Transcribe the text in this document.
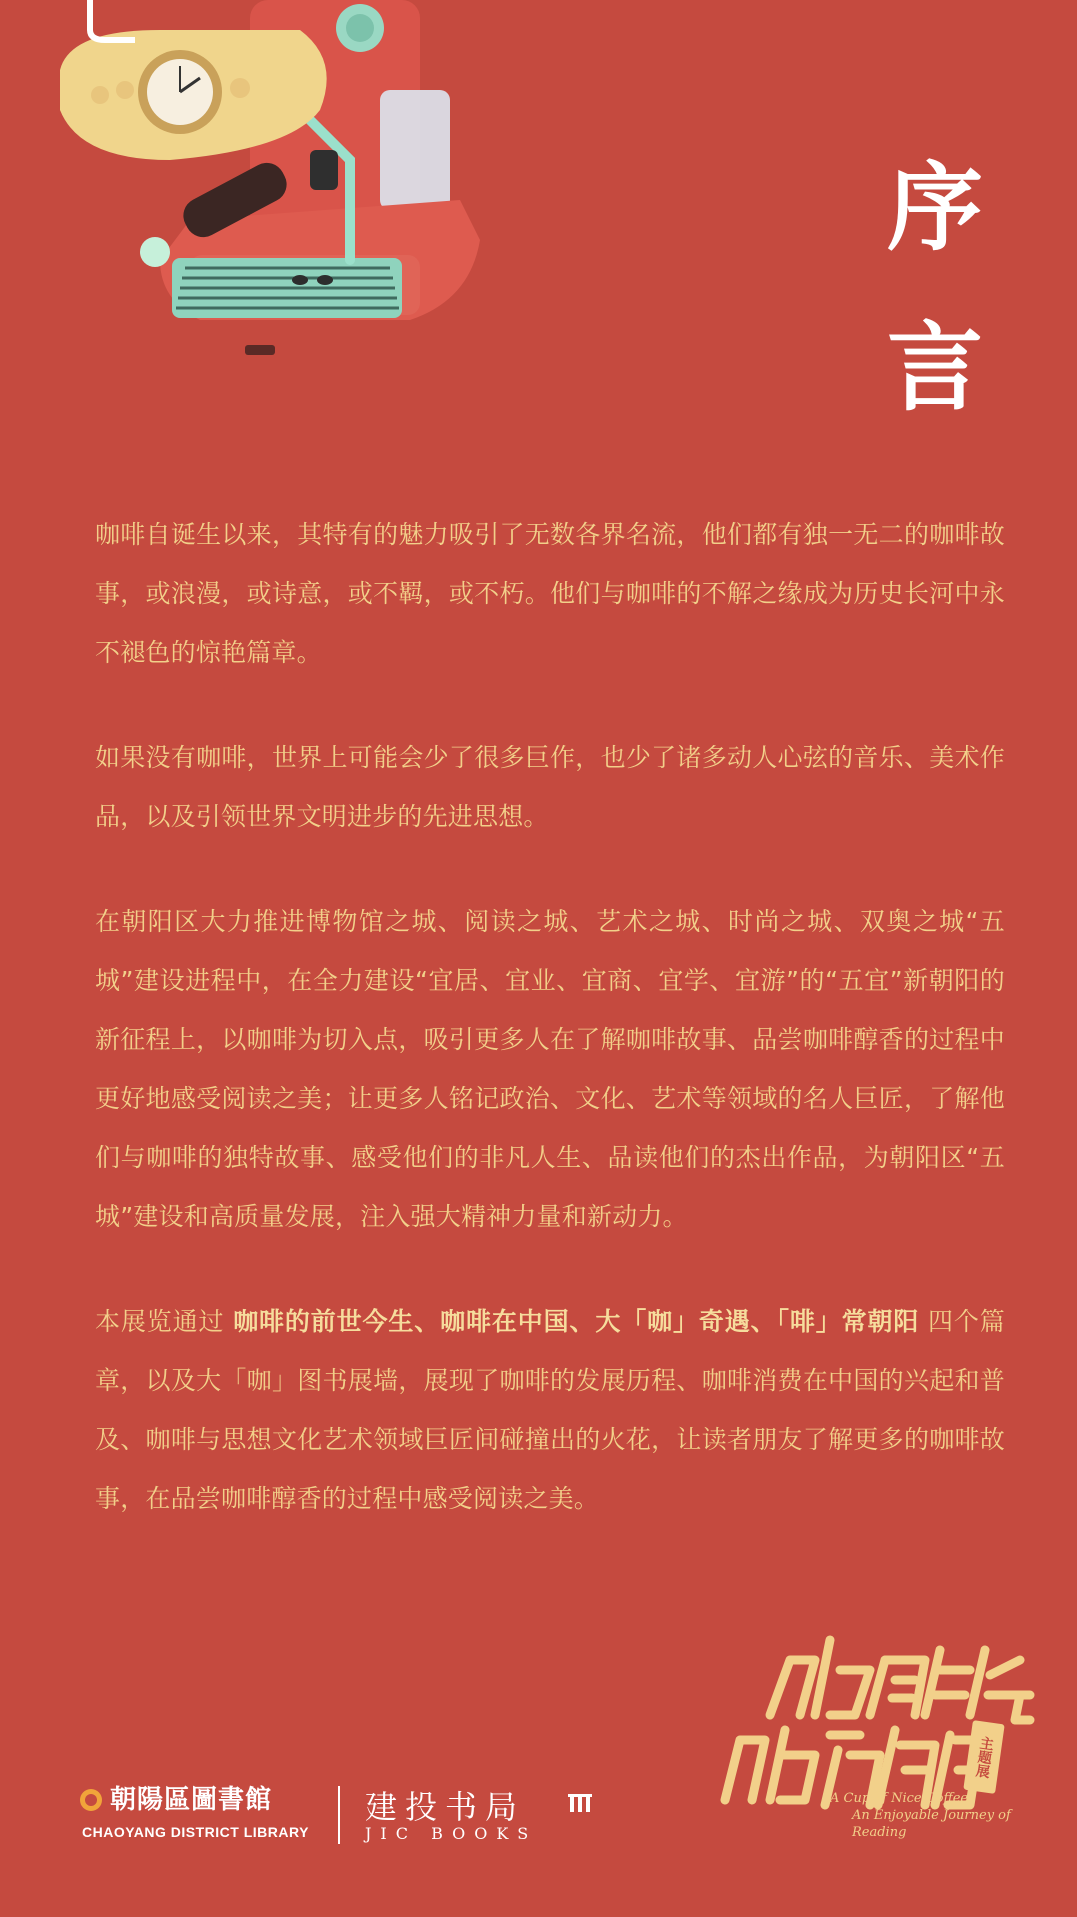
序
言

咖啡自诞生以来，其特有的魅力吸引了无数各界名流，他们都有独一无二的咖啡故事，或浪漫，或诗意，或不羁，或不朽。他们与咖啡的不解之缘成为历史长河中永不褪色的惊艳篇章。

如果没有咖啡，世界上可能会少了很多巨作，也少了诸多动人心弦的音乐、美术作品，以及引领世界文明进步的先进思想。

在朝阳区大力推进博物馆之城、阅读之城、艺术之城、时尚之城、双奥之城“五城”建设进程中，在全力建设“宜居、宜业、宜商、宜学、宜游”的“五宜”新朝阳的新征程上，以咖啡为切入点，吸引更多人在了解咖啡故事、品尝咖啡醇香的过程中更好地感受阅读之美；让更多人铭记政治、文化、艺术等领域的名人巨匠，了解他们与咖啡的独特故事、感受他们的非凡人生、品读他们的杰出作品，为朝阳区“五城”建设和高质量发展，注入强大精神力量和新动力。

本展览通过 咖啡的前世今生、咖啡在中国、大「咖」奇遇、「啡」常朝阳 四个篇章，以及大「咖」图书展墙，展现了咖啡的发展历程、咖啡消费在中国的兴起和普及、咖啡与思想文化艺术领域巨匠间碰撞出的火花，让读者朋友了解更多的咖啡故事，在品尝咖啡醇香的过程中感受阅读之美。

朝陽區圖書館
CHAOYANG DISTRICT LIBRARY
建投书局
JIC BOOKS
主题展
A Cup of Nice Coffee,
An Enjoyable Journey of Reading
